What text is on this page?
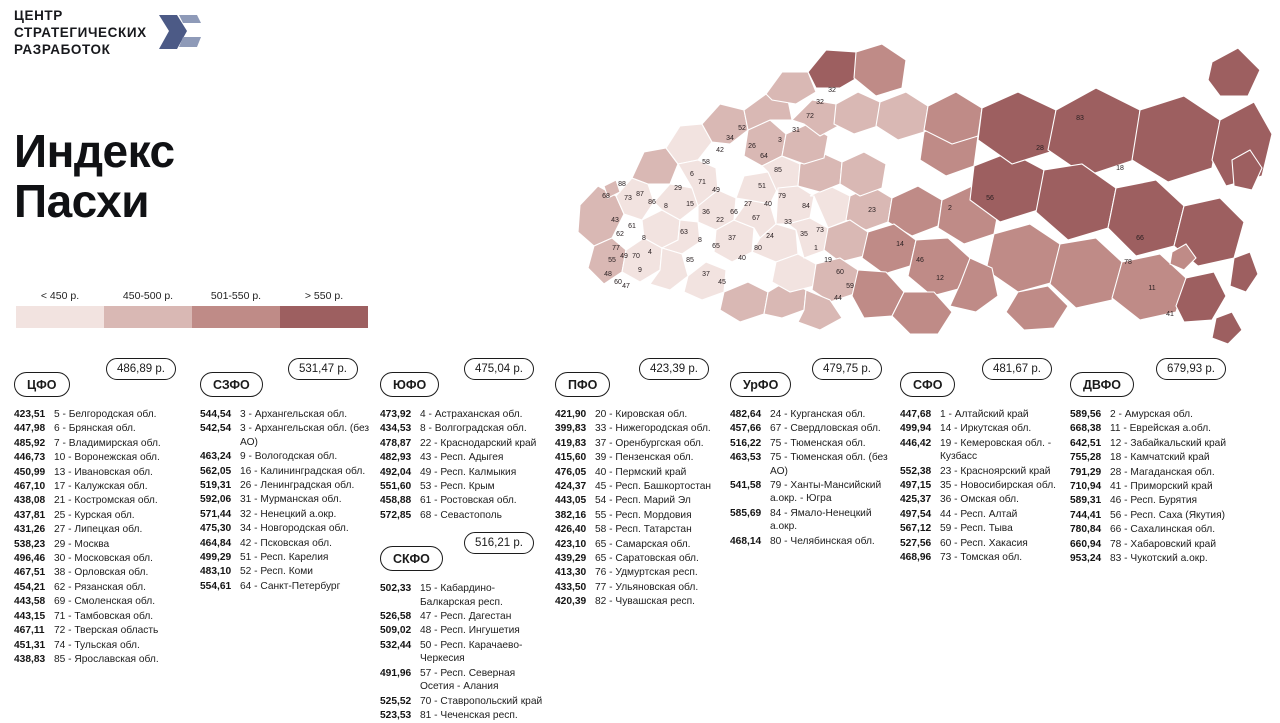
ЦЕНТР
СТРАТЕГИЧЕСКИХ
РАЗРАБОТОК
Индекс
Пасхи
< 450 р.	450-500 р.	501-550 р.	> 550 р.
68
88
73
87
86
8
43
62
61
8
77
55
49 70
4
48
60
47
9
29
6
58
42
34
52
71
49
15
36
22
66
27
63
8
65
37
85
37
45
40
80
24
67
40
79
51
85
64
26
3
31
72
32
32
33
35
1
19
60
59
44
73
84
23
14
46
12
56
28
83
18
66
78
11
41
2
ЦФО
486,89 р.
423,51 5 - Белгородская обл.
447,98 6 - Брянская обл.
485,92 7 - Владимирская обл.
446,73 10 - Воронежская обл.
450,99 13 - Ивановская обл.
467,10 17 - Калужская обл.
438,08 21 - Костромская обл.
437,81 25 - Курская обл.
431,26 27 - Липецкая обл.
538,23 29 - Москва
496,46 30 - Московская обл.
467,51 38 - Орловская обл.
454,21 62 - Рязанская обл.
443,58 69 - Смоленская обл.
443,15 71 - Тамбовская обл.
467,11 72 - Тверская область
451,31 74 - Тульская обл.
438,83 85 - Ярославская обл.
СЗФО
531,47 р.
544,54 3 - Архангельская обл.
542,54 3 - Архангельская обл. (без АО)
463,24 9 - Вологодская обл.
562,05 16 - Калининградская обл.
519,31 26 - Ленинградская обл.
592,06 31 - Мурманская обл.
571,44 32 - Ненецкий а.окр.
475,30 34 - Новгородская обл.
464,84 42 - Псковская обл.
499,29 51 - Респ. Карелия
483,10 52 - Респ. Коми
554,61 64 - Санкт-Петербург
ЮФО
475,04 р.
473,92 4 - Астраханская обл.
434,53 8 - Волгоградская обл.
478,87 22 - Краснодарский край
482,93 43 - Респ. Адыгея
492,04 49 - Респ. Калмыкия
551,60 53 - Респ. Крым
458,88 61 - Ростовская обл.
572,85 68 - Севастополь
СКФО
516,21 р.
502,33 15 - Кабардино-Балкарская респ.
526,58 47 - Респ. Дагестан
509,02 48 - Респ. Ингушетия
532,44 50 - Респ. Карачаево-Черкесия
491,96 57 - Респ. Северная Осетия - Алания
525,52 70 - Ставропольский край
523,53 81 - Чеченская респ.
ПФО
423,39 р.
421,90 20 - Кировская обл.
399,83 33 - Нижегородская обл.
419,83 37 - Оренбургская обл.
415,60 39 - Пензенская обл.
476,05 40 - Пермский край
424,37 45 - Респ. Башкортостан
443,05 54 - Респ. Марий Эл
382,16 55 - Респ. Мордовия
426,40 58 - Респ. Татарстан
423,10 65 - Самарская обл.
439,29 65 - Саратовская обл.
413,30 76 - Удмуртская респ.
433,50 77 - Ульяновская обл.
420,39 82 - Чувашская респ.
УрФО
479,75 р.
482,64 24 - Курганская обл.
457,66 67 - Свердловская обл.
516,22 75 - Тюменская обл.
463,53 75 - Тюменская обл. (без АО)
541,58 79 - Ханты-Мансийский а.окр. - Югра
585,69 84 - Ямало-Ненецкий а.окр.
468,14 80 - Челябинская обл.
СФО
481,67 р.
447,68 1 - Алтайский край
499,94 14 - Иркутская обл.
446,42 19 - Кемеровская обл. - Кузбасс
552,38 23 - Красноярский край
497,15 35 - Новосибирская обл.
425,37 36 - Омская обл.
497,54 44 - Респ. Алтай
567,12 59 - Респ. Тыва
527,56 60 - Респ. Хакасия
468,96 73 - Томская обл.
ДВФО
679,93 р.
589,56 2 - Амурская обл.
668,38 11 - Еврейская а.обл.
642,51 12 - Забайкальский край
755,28 18 - Камчатский край
791,29 28 - Магаданская обл.
710,94 41 - Приморский край
589,31 46 - Респ. Бурятия
744,41 56 - Респ. Саха (Якутия)
780,84 66 - Сахалинская обл.
660,94 78 - Хабаровский край
953,24 83 - Чукотский а.окр.
